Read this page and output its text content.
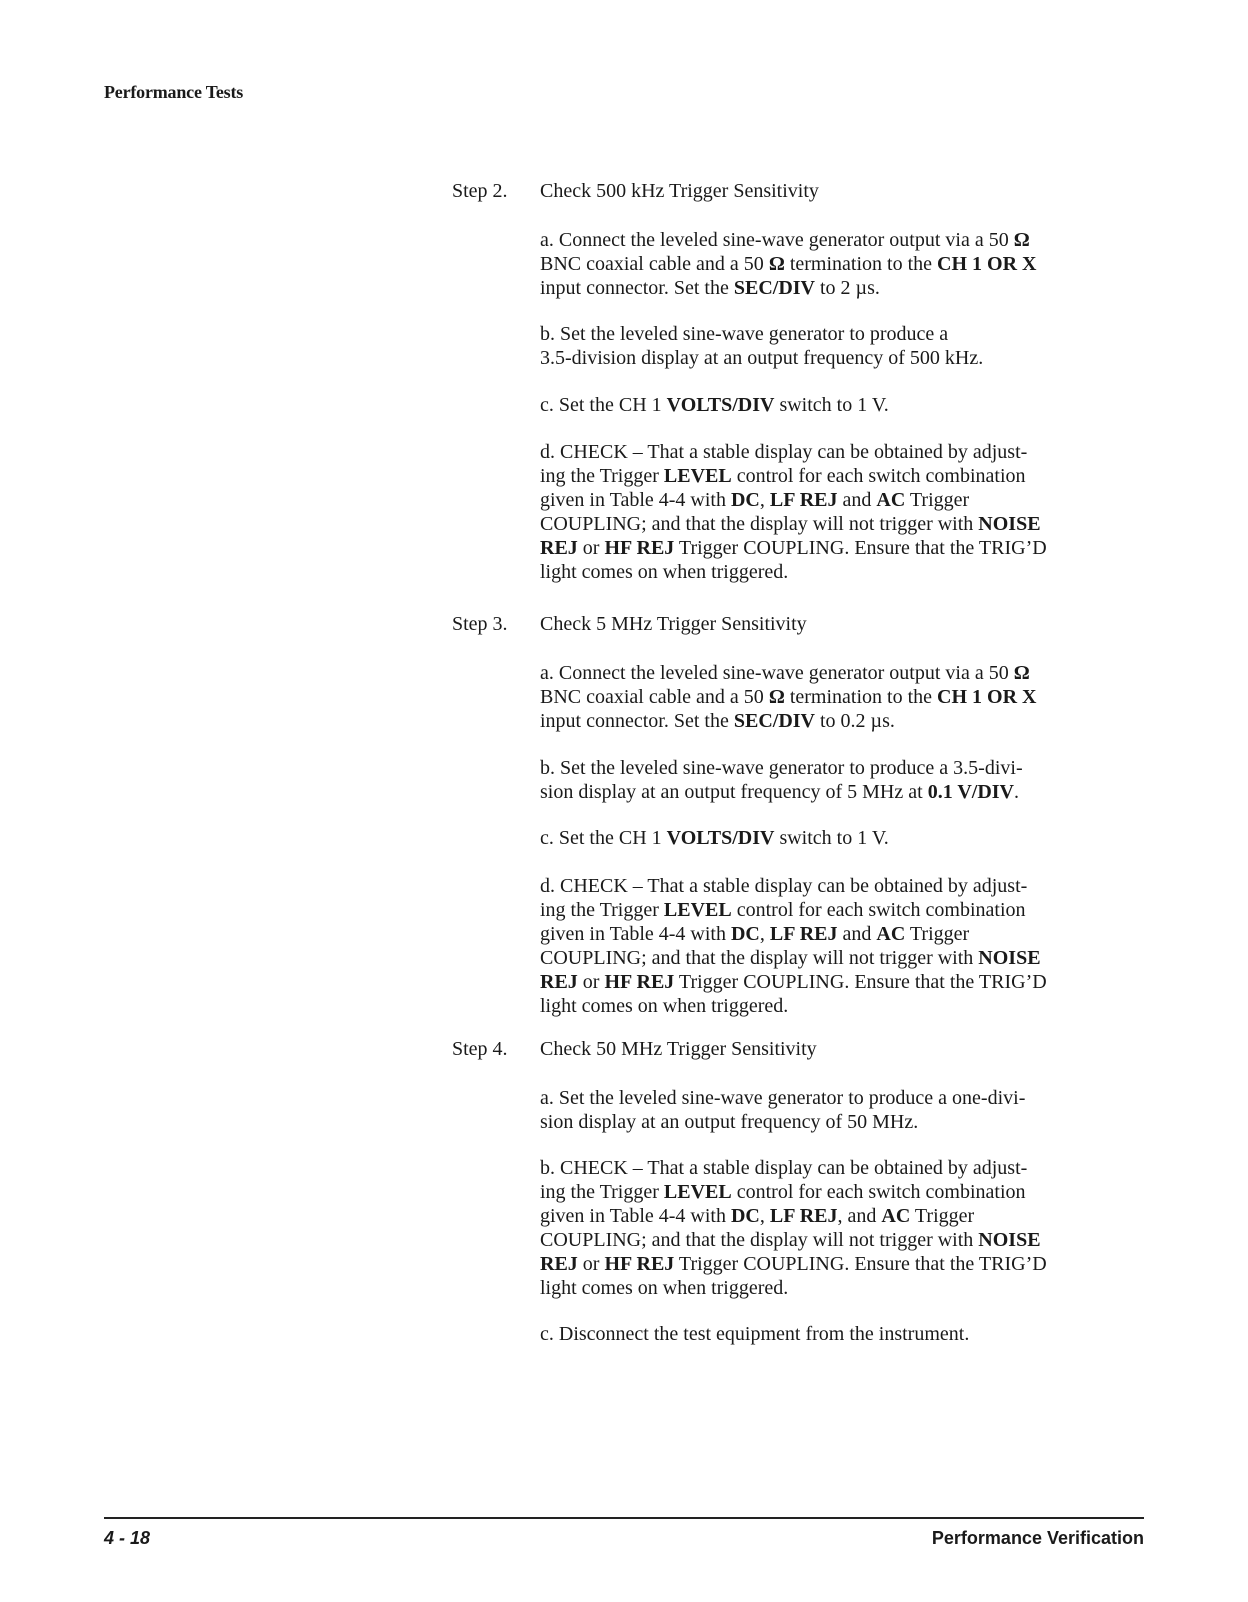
Performance Tests
Step 2. Check 500 kHz Trigger Sensitivity
a. Connect the leveled sine-wave generator output via a 50 Ω
BNC coaxial cable and a 50 Ω termination to the CH 1 OR X
input connector. Set the SEC/DIV to 2 µs.
b. Set the leveled sine-wave generator to produce a
3.5-division display at an output frequency of 500 kHz.
c. Set the CH 1 VOLTS/DIV switch to 1 V.
d. CHECK – That a stable display can be obtained by adjust-
ing the Trigger LEVEL control for each switch combination
given in Table 4-4 with DC, LF REJ and AC Trigger
COUPLING; and that the display will not trigger with NOISE
REJ or HF REJ Trigger COUPLING. Ensure that the TRIG’D
light comes on when triggered.
Step 3. Check 5 MHz Trigger Sensitivity
a. Connect the leveled sine-wave generator output via a 50 Ω
BNC coaxial cable and a 50 Ω termination to the CH 1 OR X
input connector. Set the SEC/DIV to 0.2 µs.
b. Set the leveled sine-wave generator to produce a 3.5-divi-
sion display at an output frequency of 5 MHz at 0.1 V/DIV.
c. Set the CH 1 VOLTS/DIV switch to 1 V.
d. CHECK – That a stable display can be obtained by adjust-
ing the Trigger LEVEL control for each switch combination
given in Table 4-4 with DC, LF REJ and AC Trigger
COUPLING; and that the display will not trigger with NOISE
REJ or HF REJ Trigger COUPLING. Ensure that the TRIG’D
light comes on when triggered.
Step 4. Check 50 MHz Trigger Sensitivity
a. Set the leveled sine-wave generator to produce a one-divi-
sion display at an output frequency of 50 MHz.
b. CHECK – That a stable display can be obtained by adjust-
ing the Trigger LEVEL control for each switch combination
given in Table 4-4 with DC, LF REJ, and AC Trigger
COUPLING; and that the display will not trigger with NOISE
REJ or HF REJ Trigger COUPLING. Ensure that the TRIG’D
light comes on when triggered.
c. Disconnect the test equipment from the instrument.
4 - 18	Performance Verification
